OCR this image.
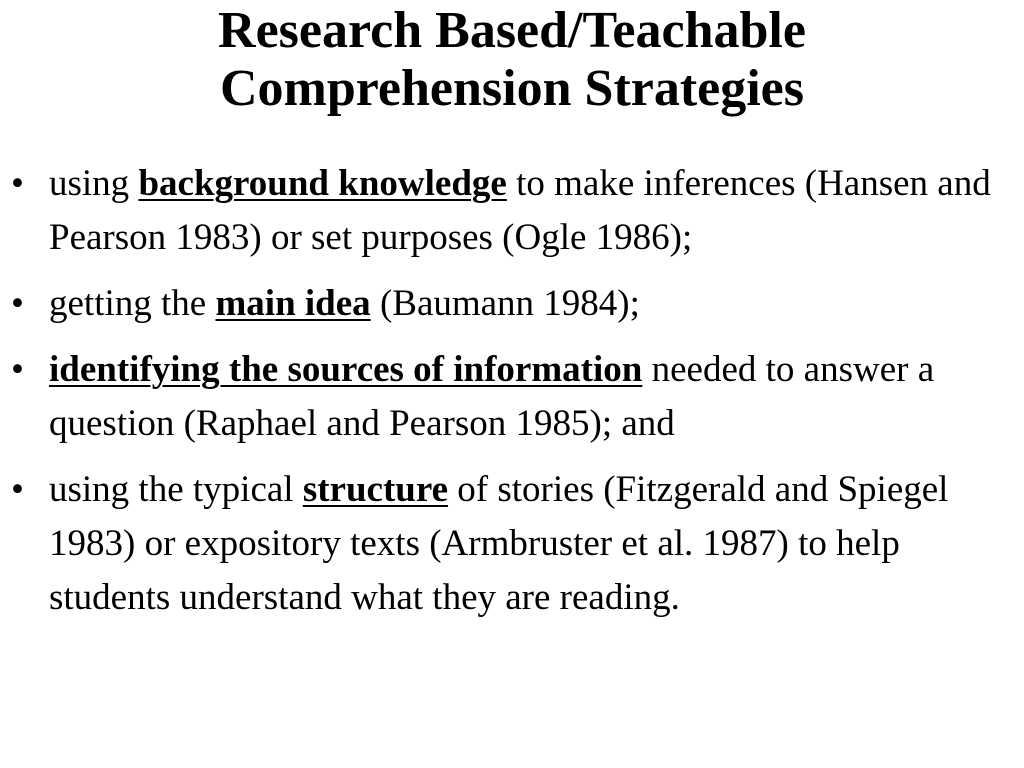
Research Based/Teachable
Comprehension Strategies
• using background knowledge to make inferences (Hansen and Pearson 1983) or set purposes (Ogle 1986);
• getting the main idea (Baumann 1984);
• identifying the sources of information needed to answer a question (Raphael and Pearson 1985); and
• using the typical structure of stories (Fitzgerald and Spiegel 1983) or expository texts (Armbruster et al. 1987) to help students understand what they are reading.
